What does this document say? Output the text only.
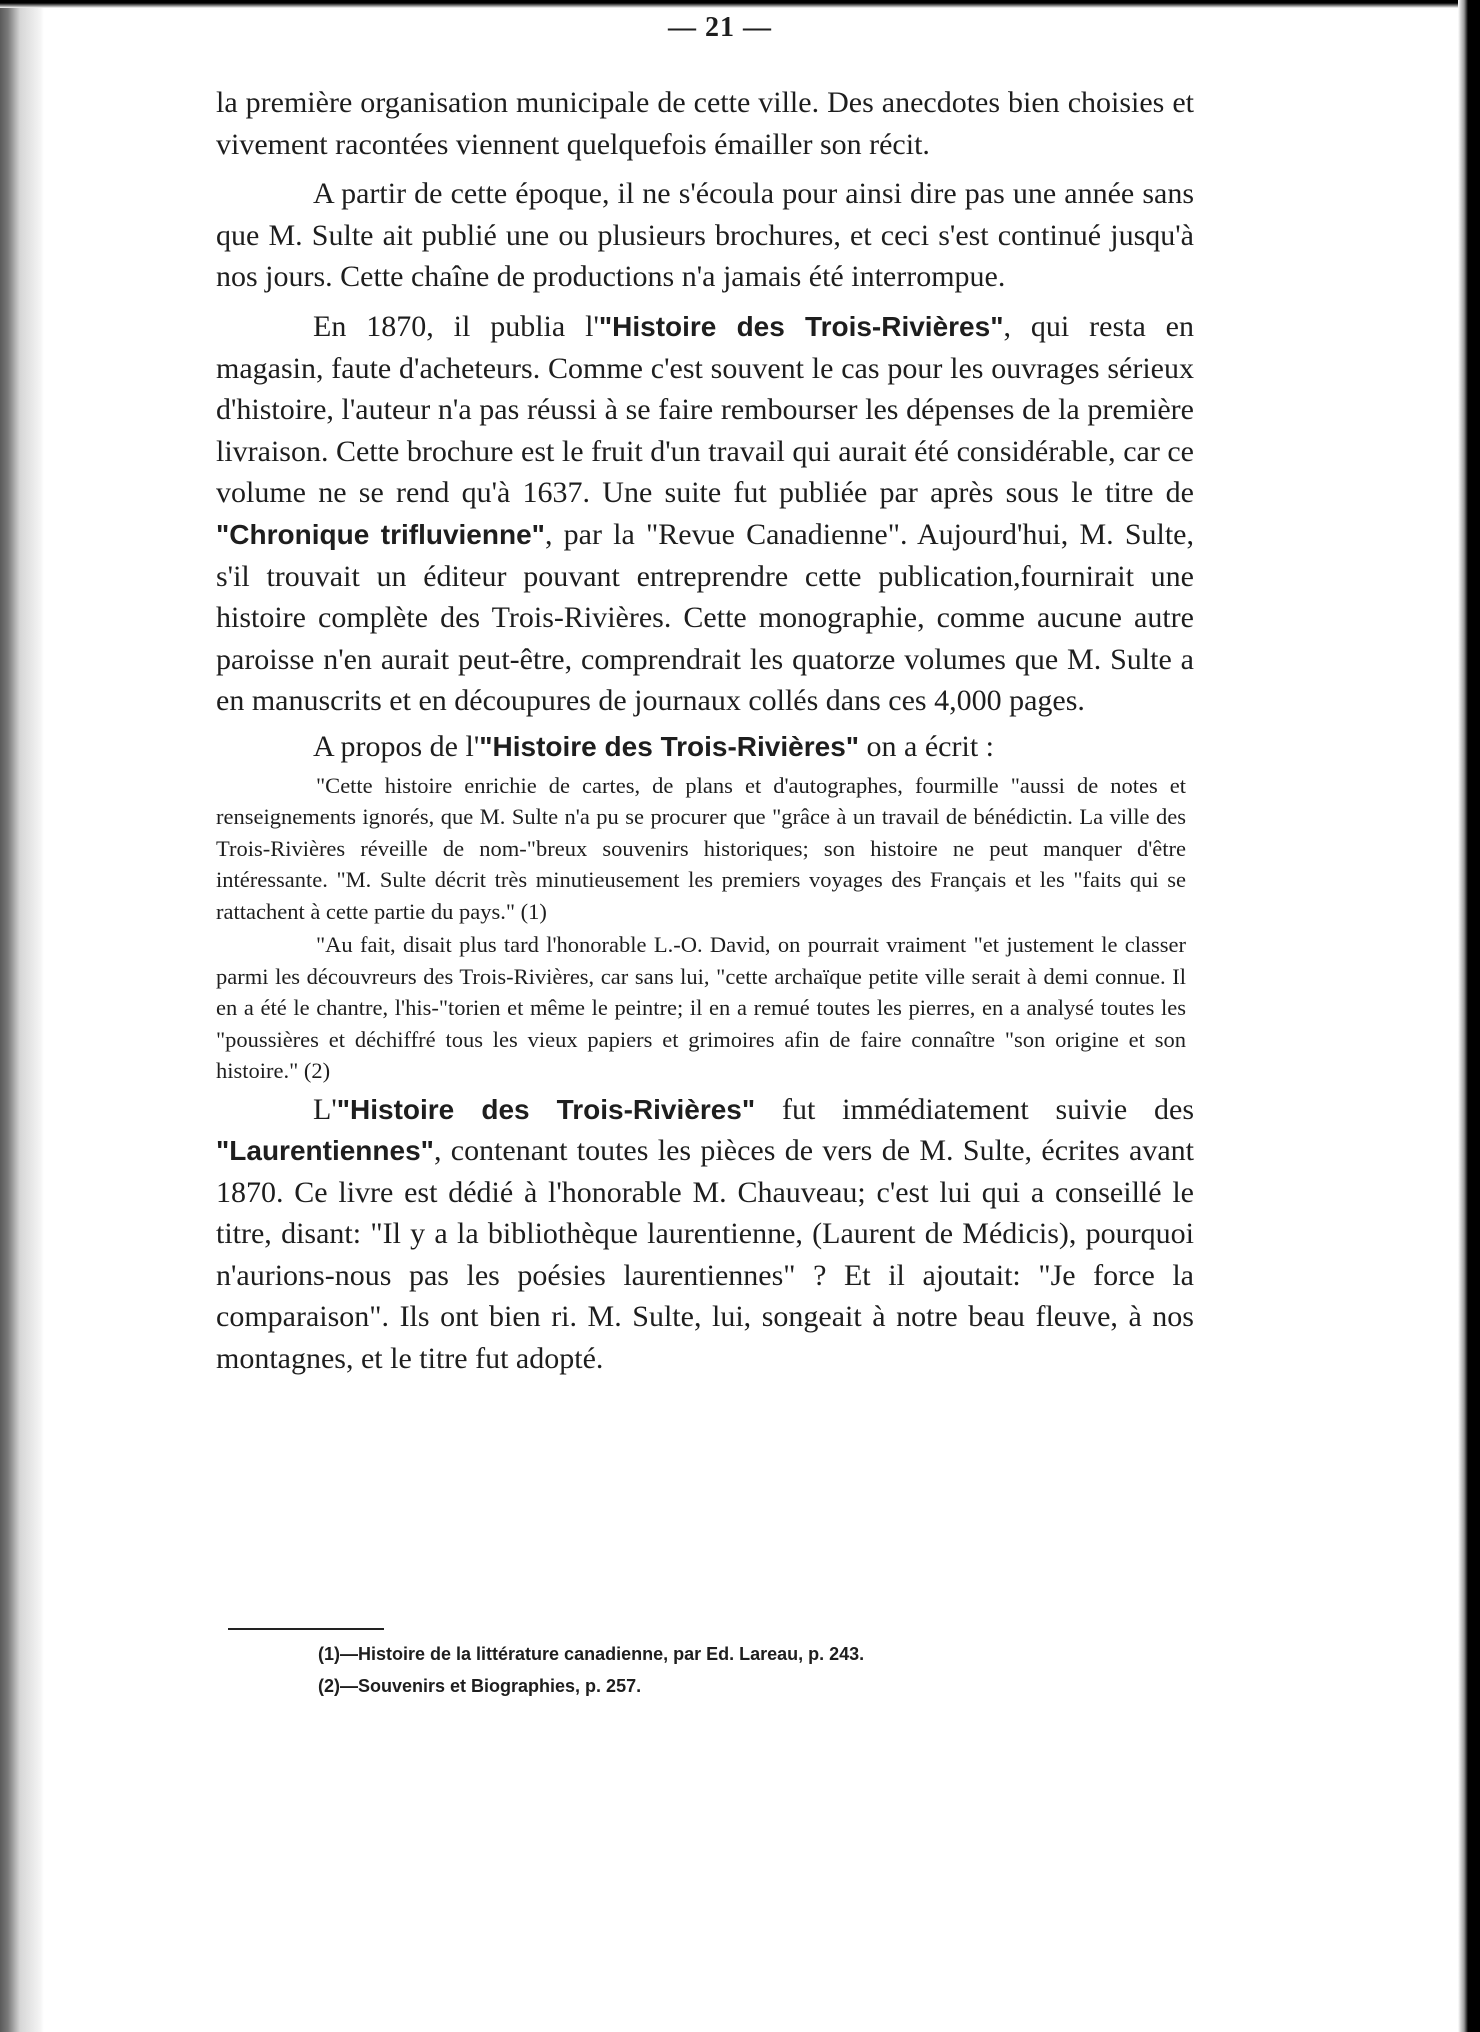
— 21 —

la première organisation municipale de cette ville. Des anecdotes bien choisies et vivement racontées viennent quelquefois émailler son récit.

A partir de cette époque, il ne s'écoula pour ainsi dire pas une année sans que M. Sulte ait publié une ou plusieurs brochures, et ceci s'est continué jusqu'à nos jours. Cette chaîne de productions n'a jamais été interrompue.

En 1870, il publia l'"Histoire des Trois-Rivières", qui resta en magasin, faute d'acheteurs. Comme c'est souvent le cas pour les ouvrages sérieux d'histoire, l'auteur n'a pas réussi à se faire rembourser les dépenses de la première livraison. Cette brochure est le fruit d'un travail qui aurait été considérable, car ce volume ne se rend qu'à 1637. Une suite fut publiée par après sous le titre de "Chronique trifluvienne", par la "Revue Canadienne". Aujourd'hui, M. Sulte, s'il trouvait un éditeur pouvant entreprendre cette publication,fournirait une histoire complète des Trois-Rivières. Cette monographie, comme aucune autre paroisse n'en aurait peut-être, comprendrait les quatorze volumes que M. Sulte a en manuscrits et en découpures de journaux collés dans ces 4,000 pages.

A propos de l'"Histoire des Trois-Rivières" on a écrit :

"Cette histoire enrichie de cartes, de plans et d'autographes, fourmille "aussi de notes et renseignements ignorés, que M. Sulte n'a pu se procurer que "grâce à un travail de bénédictin. La ville des Trois-Rivières réveille de nom-"breux souvenirs historiques; son histoire ne peut manquer d'être intéressante. "M. Sulte décrit très minutieusement les premiers voyages des Français et les "faits qui se rattachent à cette partie du pays." (1)

"Au fait, disait plus tard l'honorable L.-O. David, on pourrait vraiment "et justement le classer parmi les découvreurs des Trois-Rivières, car sans lui, "cette archaïque petite ville serait à demi connue. Il en a été le chantre, l'his-"torien et même le peintre; il en a remué toutes les pierres, en a analysé toutes les "poussières et déchiffré tous les vieux papiers et grimoires afin de faire connaître "son origine et son histoire." (2)

L'"Histoire des Trois-Rivières" fut immédiatement suivie des "Laurentiennes", contenant toutes les pièces de vers de M. Sulte, écrites avant 1870. Ce livre est dédié à l'honorable M. Chauveau; c'est lui qui a conseillé le titre, disant: "Il y a la bibliothèque laurentienne, (Laurent de Médicis), pourquoi n'aurions-nous pas les poésies laurentiennes" ? Et il ajoutait: "Je force la comparaison". Ils ont bien ri. M. Sulte, lui, songeait à notre beau fleuve, à nos montagnes, et le titre fut adopté.

(1)—Histoire de la littérature canadienne, par Ed. Lareau, p. 243.
(2)—Souvenirs et Biographies, p. 257.
